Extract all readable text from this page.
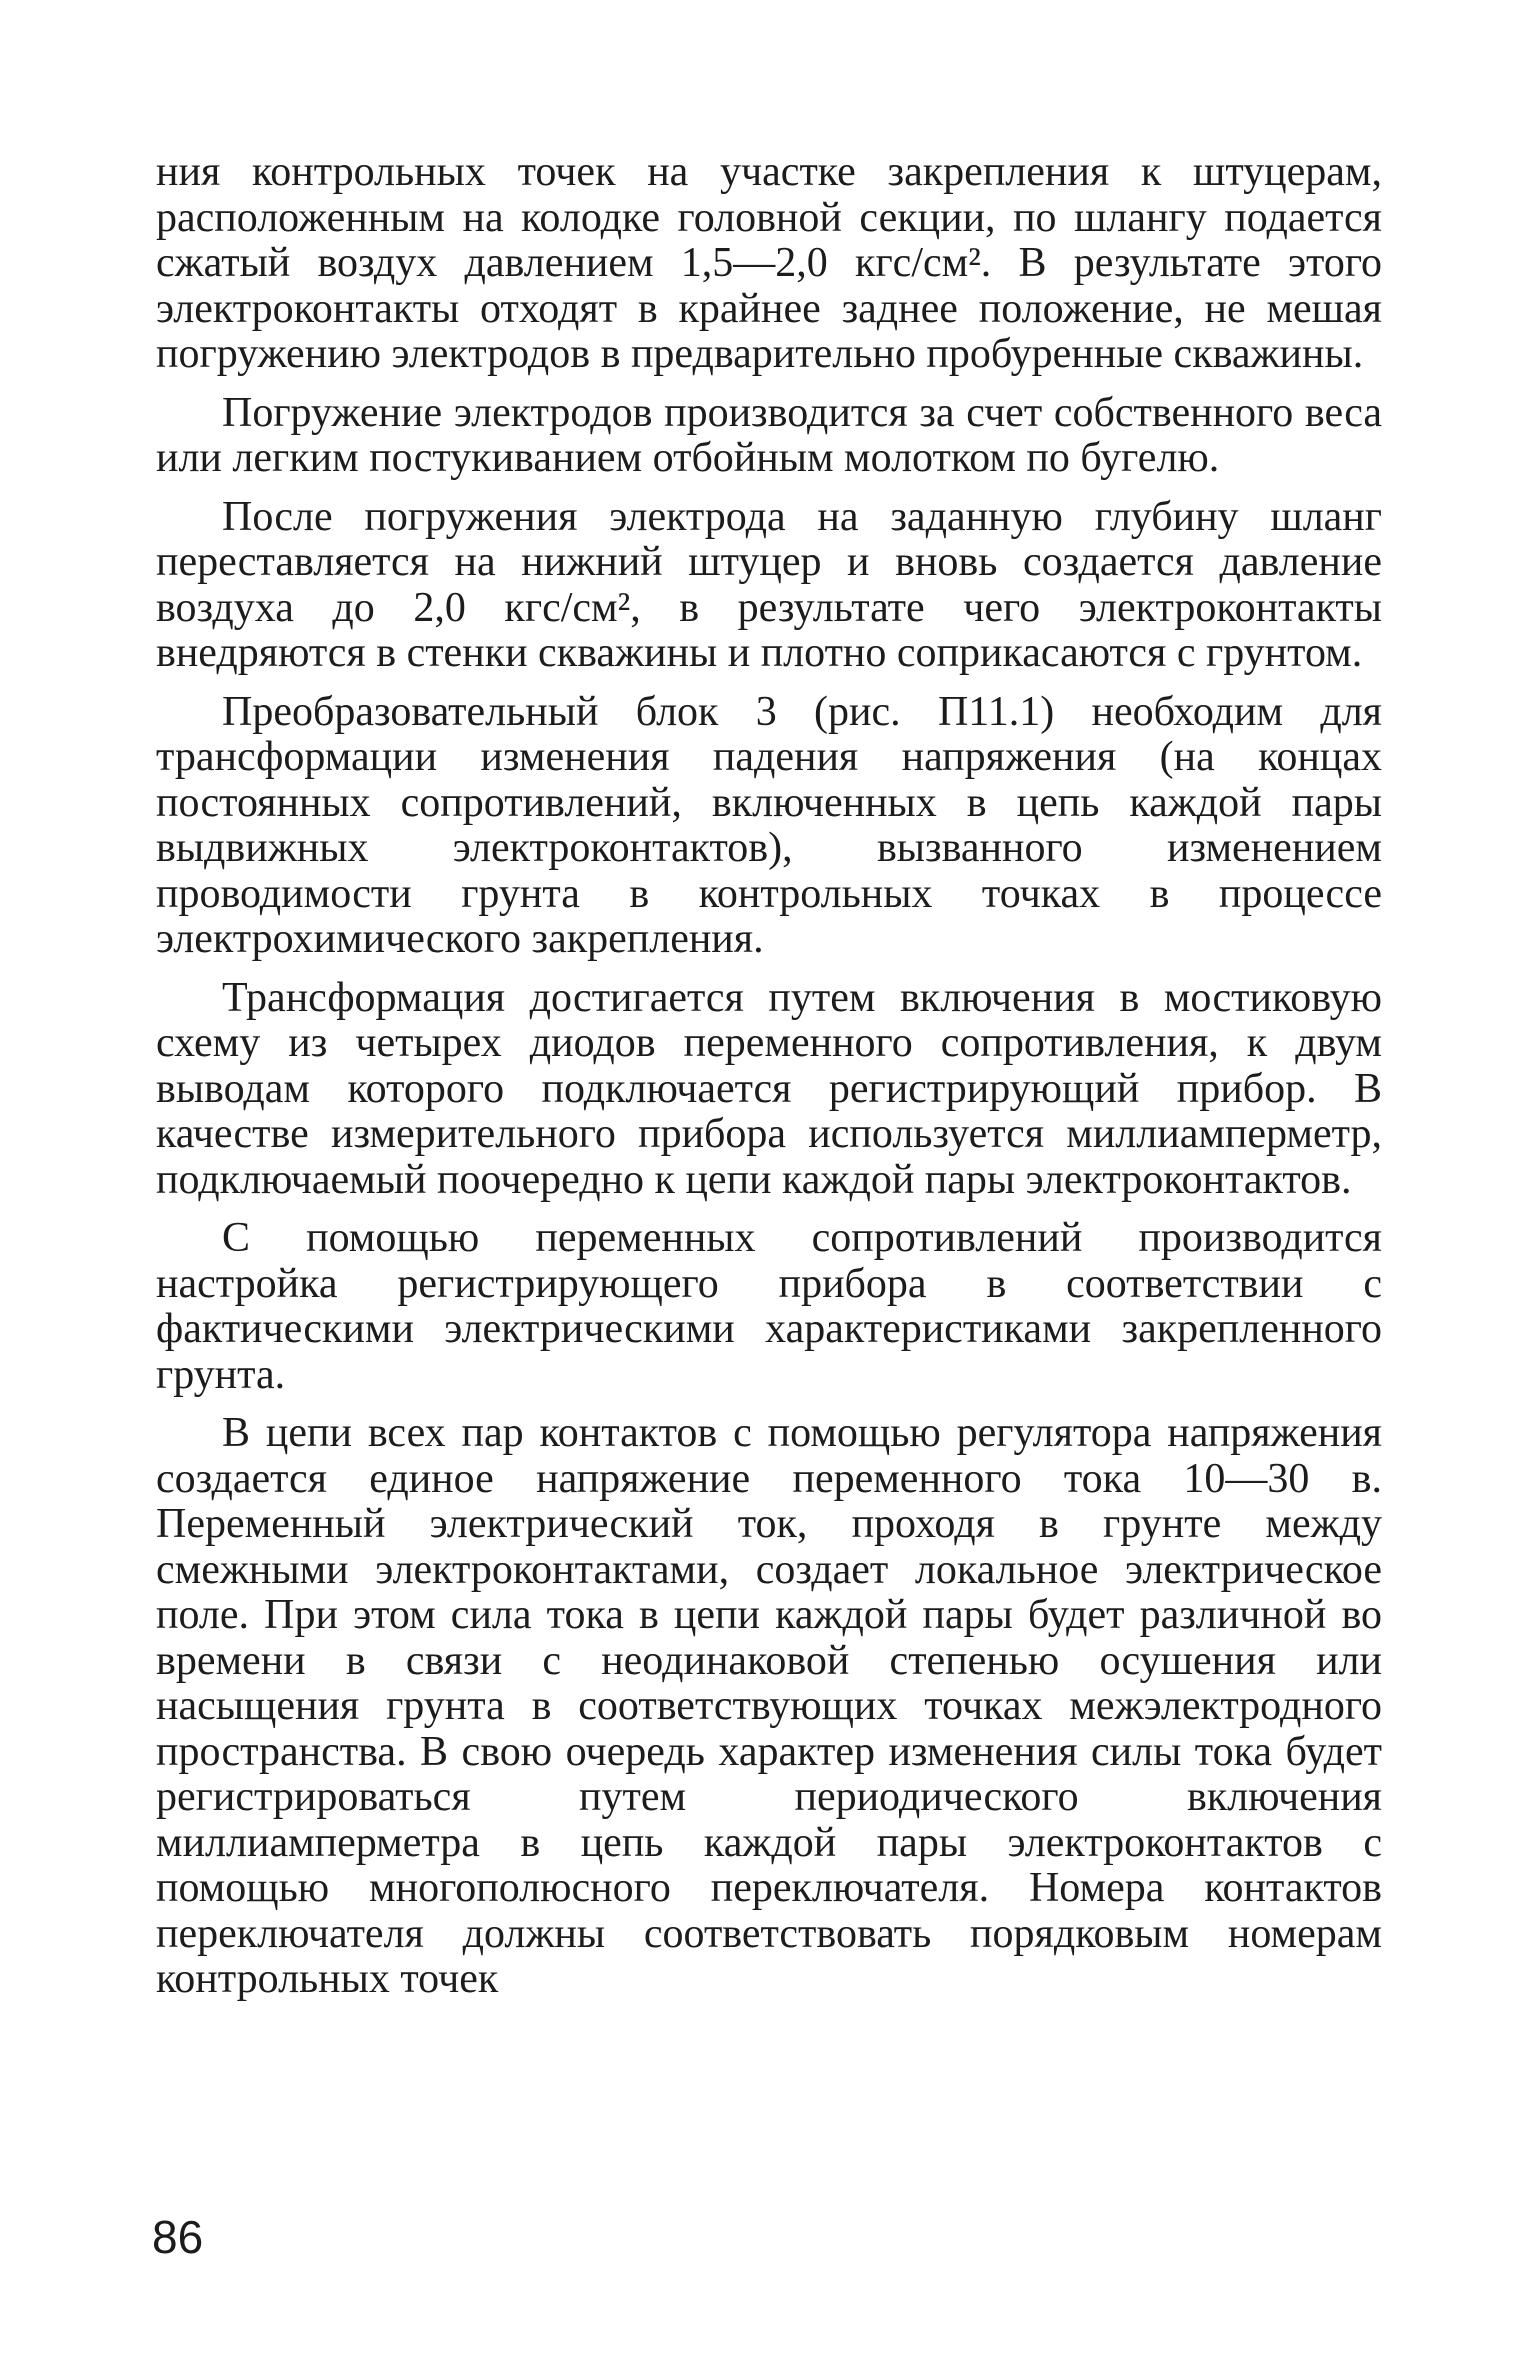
ния контрольных точек на участке закрепления к штуцерам, расположенным на колодке головной секции, по шлангу подается сжатый воздух давлением 1,5—2,0 кгс/см². В результате этого электроконтакты отходят в крайнее заднее положение, не мешая погружению электродов в предварительно пробуренные скважины.

Погружение электродов производится за счет собственного веса или легким постукиванием отбойным молотком по бугелю.

После погружения электрода на заданную глубину шланг переставляется на нижний штуцер и вновь создается давление воздуха до 2,0 кгс/см², в результате чего электроконтакты внедряются в стенки скважины и плотно соприкасаются с грунтом.

Преобразовательный блок 3 (рис. П11.1) необходим для трансформации изменения падения напряжения (на концах постоянных сопротивлений, включенных в цепь каждой пары выдвижных электроконтактов), вызванного изменением проводимости грунта в контрольных точках в процессе электрохимического закрепления.

Трансформация достигается путем включения в мостиковую схему из четырех диодов переменного сопротивления, к двум выводам которого подключается регистрирующий прибор. В качестве измерительного прибора используется миллиамперметр, подключаемый поочередно к цепи каждой пары электроконтактов.

С помощью переменных сопротивлений производится настройка регистрирующего прибора в соответствии с фактическими электрическими характеристиками закрепленного грунта.

В цепи всех пар контактов с помощью регулятора напряжения создается единое напряжение переменного тока 10—30 в. Переменный электрический ток, проходя в грунте между смежными электроконтактами, создает локальное электрическое поле. При этом сила тока в цепи каждой пары будет различной во времени в связи с неодинаковой степенью осушения или насыщения грунта в соответствующих точках межэлектродного пространства. В свою очередь характер изменения силы тока будет регистрироваться путем периодического включения миллиамперметра в цепь каждой пары электроконтактов с помощью многополюсного переключателя. Номера контактов переключателя должны соответствовать порядковым номерам контрольных точек

86
